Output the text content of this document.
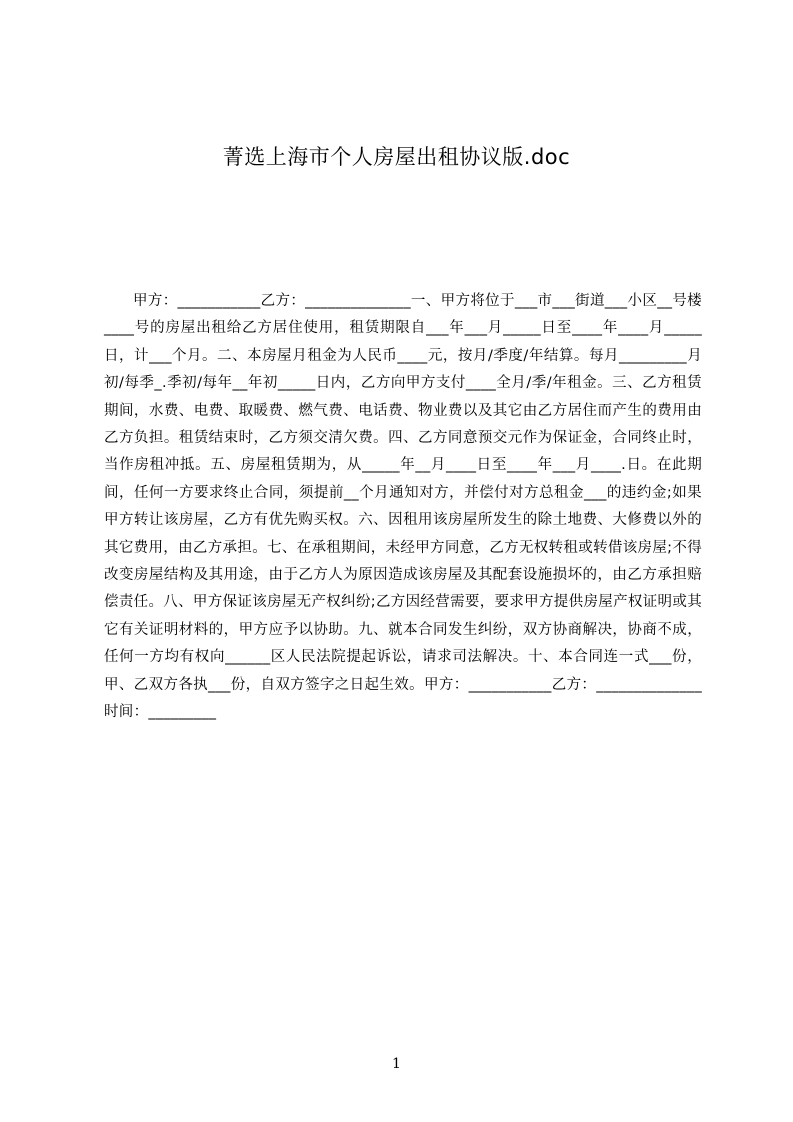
菁选上海市个人房屋出租协议版.doc

甲方：___________乙方：______________一、甲方将位于___市___街道___小区__号楼____号的房屋出租给乙方居住使用，租赁期限自___年___月_____日至____年____月_____日，计___个月。二、本房屋月租金为人民币____元，按月/季度/年结算。每月_________月初/每季_.季初/每年__年初_____日内，乙方向甲方支付____全月/季/年租金。三、乙方租赁期间，水费、电费、取暖费、燃气费、电话费、物业费以及其它由乙方居住而产生的费用由乙方负担。租赁结束时，乙方须交清欠费。四、乙方同意预交元作为保证金，合同终止时，当作房租冲抵。五、房屋租赁期为，从_____年__月____日至____年___月____.日。在此期间，任何一方要求终止合同，须提前__个月通知对方，并偿付对方总租金___的违约金;如果甲方转让该房屋，乙方有优先购买权。六、因租用该房屋所发生的除土地费、大修费以外的其它费用，由乙方承担。七、在承租期间，未经甲方同意，乙方无权转租或转借该房屋;不得改变房屋结构及其用途，由于乙方人为原因造成该房屋及其配套设施损坏的，由乙方承担赔偿责任。八、甲方保证该房屋无产权纠纷;乙方因经营需要，要求甲方提供房屋产权证明或其它有关证明材料的，甲方应予以协助。九、就本合同发生纠纷，双方协商解决，协商不成，任何一方均有权向______区人民法院提起诉讼，请求司法解决。十、本合同连一式___份，甲、乙双方各执___份，自双方签字之日起生效。甲方：___________乙方：______________时间：_________

1
